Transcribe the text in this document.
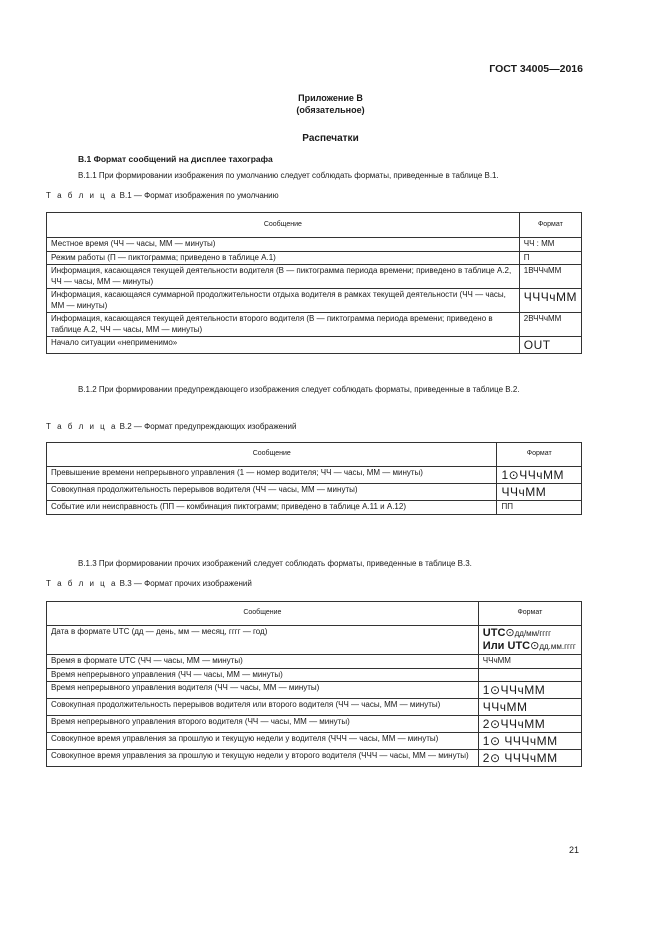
ГОСТ 34005—2016
Приложение В
(обязательное)
Распечатки
В.1 Формат сообщений на дисплее тахографа
В.1.1 При формировании изображения по умолчанию следует соблюдать форматы, приведенные в таблице В.1.
Т а б л и ц а В.1 — Формат изображения по умолчанию
Сообщение	Формат
Местное время (ЧЧ — часы, ММ — минуты)	ЧЧ : ММ
Режим работы (П — пиктограмма; приведено в таблице А.1)	П
Информация, касающаяся текущей деятельности водителя (В — пиктограмма периода времени; приведено в таблице А.2, ЧЧ — часы, ММ — минуты)	1ВЧЧчММ
Информация, касающаяся суммарной продолжительности отдыха водителя в рамках текущей деятельности (ЧЧ — часы, ММ — минуты)	ЧЧЧчММ
Информация, касающаяся текущей деятельности второго водителя (В — пиктограмма периода времени; приведено в таблице А.2, ЧЧ — часы, ММ — минуты)	2ВЧЧчММ
Начало ситуации «неприменимо»	OUT
В.1.2 При формировании предупреждающего изображения следует соблюдать форматы, приведенные в таблице В.2.
Т а б л и ц а В.2 — Формат предупреждающих изображений
Сообщение	Формат
Превышение времени непрерывного управления (1 — номер водителя; ЧЧ — часы, ММ — минуты)	1⊙ЧЧчММ
Совокупная продолжительность перерывов водителя (ЧЧ — часы, ММ — минуты)	ЧЧчММ
Событие или неисправность (ПП — комбинация пиктограмм; приведено в таблице А.11 и А.12)	ПП
В.1.3 При формировании прочих изображений следует соблюдать форматы, приведенные в таблице В.3.
Т а б л и ц а В.3 — Формат прочих изображений
Сообщение	Формат
Дата в формате UTC (дд — день, мм — месяц, гггг — год)	UTC⊙дд/мм/гггг
Или UTC⊙дд.мм.гггг

Время в формате UTC (ЧЧ — часы, ММ — минуты)	ЧЧчММ
Время непрерывного управления (ЧЧ — часы, ММ — минуты)	
Время непрерывного управления водителя (ЧЧ — часы, ММ — минуты)	1⊙ЧЧчММ
Совокупная продолжительность перерывов водителя или второго водителя (ЧЧ — часы, ММ — минуты)	ЧЧчММ
Время непрерывного управления второго водителя (ЧЧ — часы, ММ — минуты)	2⊙ЧЧчММ
Совокупное время управления за прошлую и текущую недели у водителя (ЧЧЧ — часы, ММ — минуты)	1⊙ ЧЧЧчММ
Совокупное время управления за прошлую и текущую недели у второго водителя (ЧЧЧ — часы, ММ — минуты)	2⊙ ЧЧЧчММ
21
